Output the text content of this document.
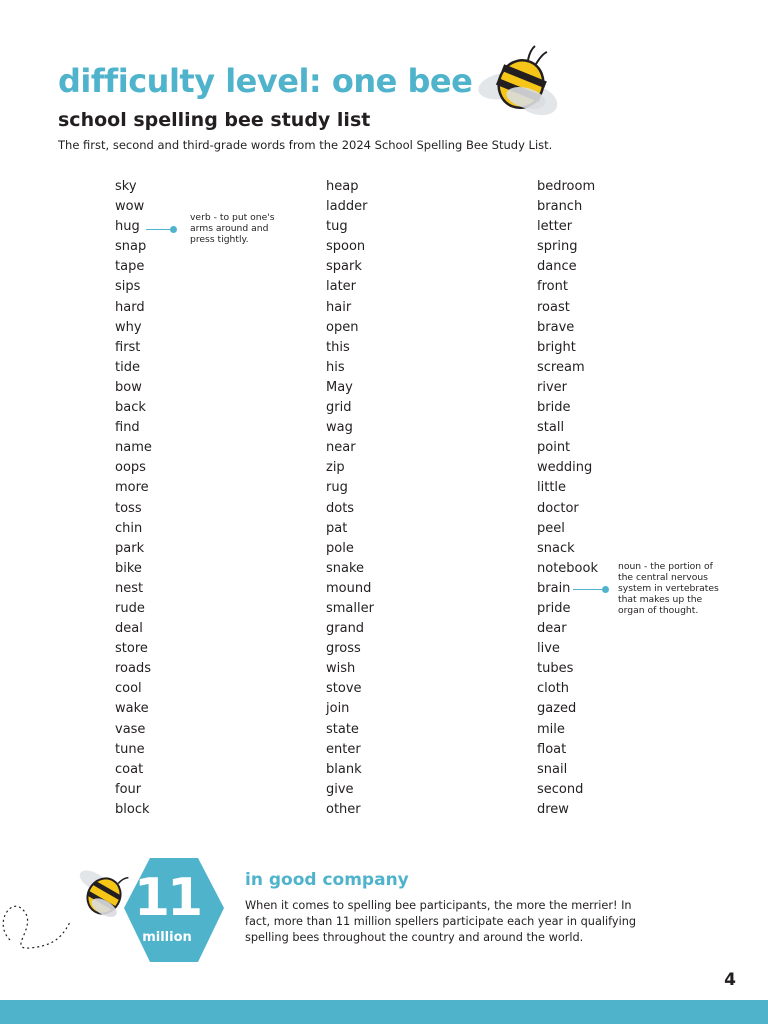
difficulty level: one bee
school spelling bee study list

The first, second and third-grade words from the 2024 School Spelling Bee Study List.

sky
wow
hug
snap
tape
sips
hard
why
first
tide
bow
back
find
name
oops
more
toss
chin
park
bike
nest
rude
deal
store
roads
cool
wake
vase
tune
coat
four
block
heap
ladder
tug
spoon
spark
later
hair
open
this
his
May
grid
wag
near
zip
rug
dots
pat
pole
snake
mound
smaller
grand
gross
wish
stove
join
state
enter
blank
give
other
bedroom
branch
letter
spring
dance
front
roast
brave
bright
scream
river
bride
stall
point
wedding
little
doctor
peel
snack
notebook
brain
pride
dear
live
tubes
cloth
gazed
mile
float
snail
second
drew
verb - to put one's arms around and press tightly.
noun - the portion of the central nervous system in vertebrates that makes up the organ of thought.
11
million
in good company

When it comes to spelling bee participants, the more the merrier! In fact, more than 11 million spellers participate each year in qualifying spelling bees throughout the country and around the world.

4
